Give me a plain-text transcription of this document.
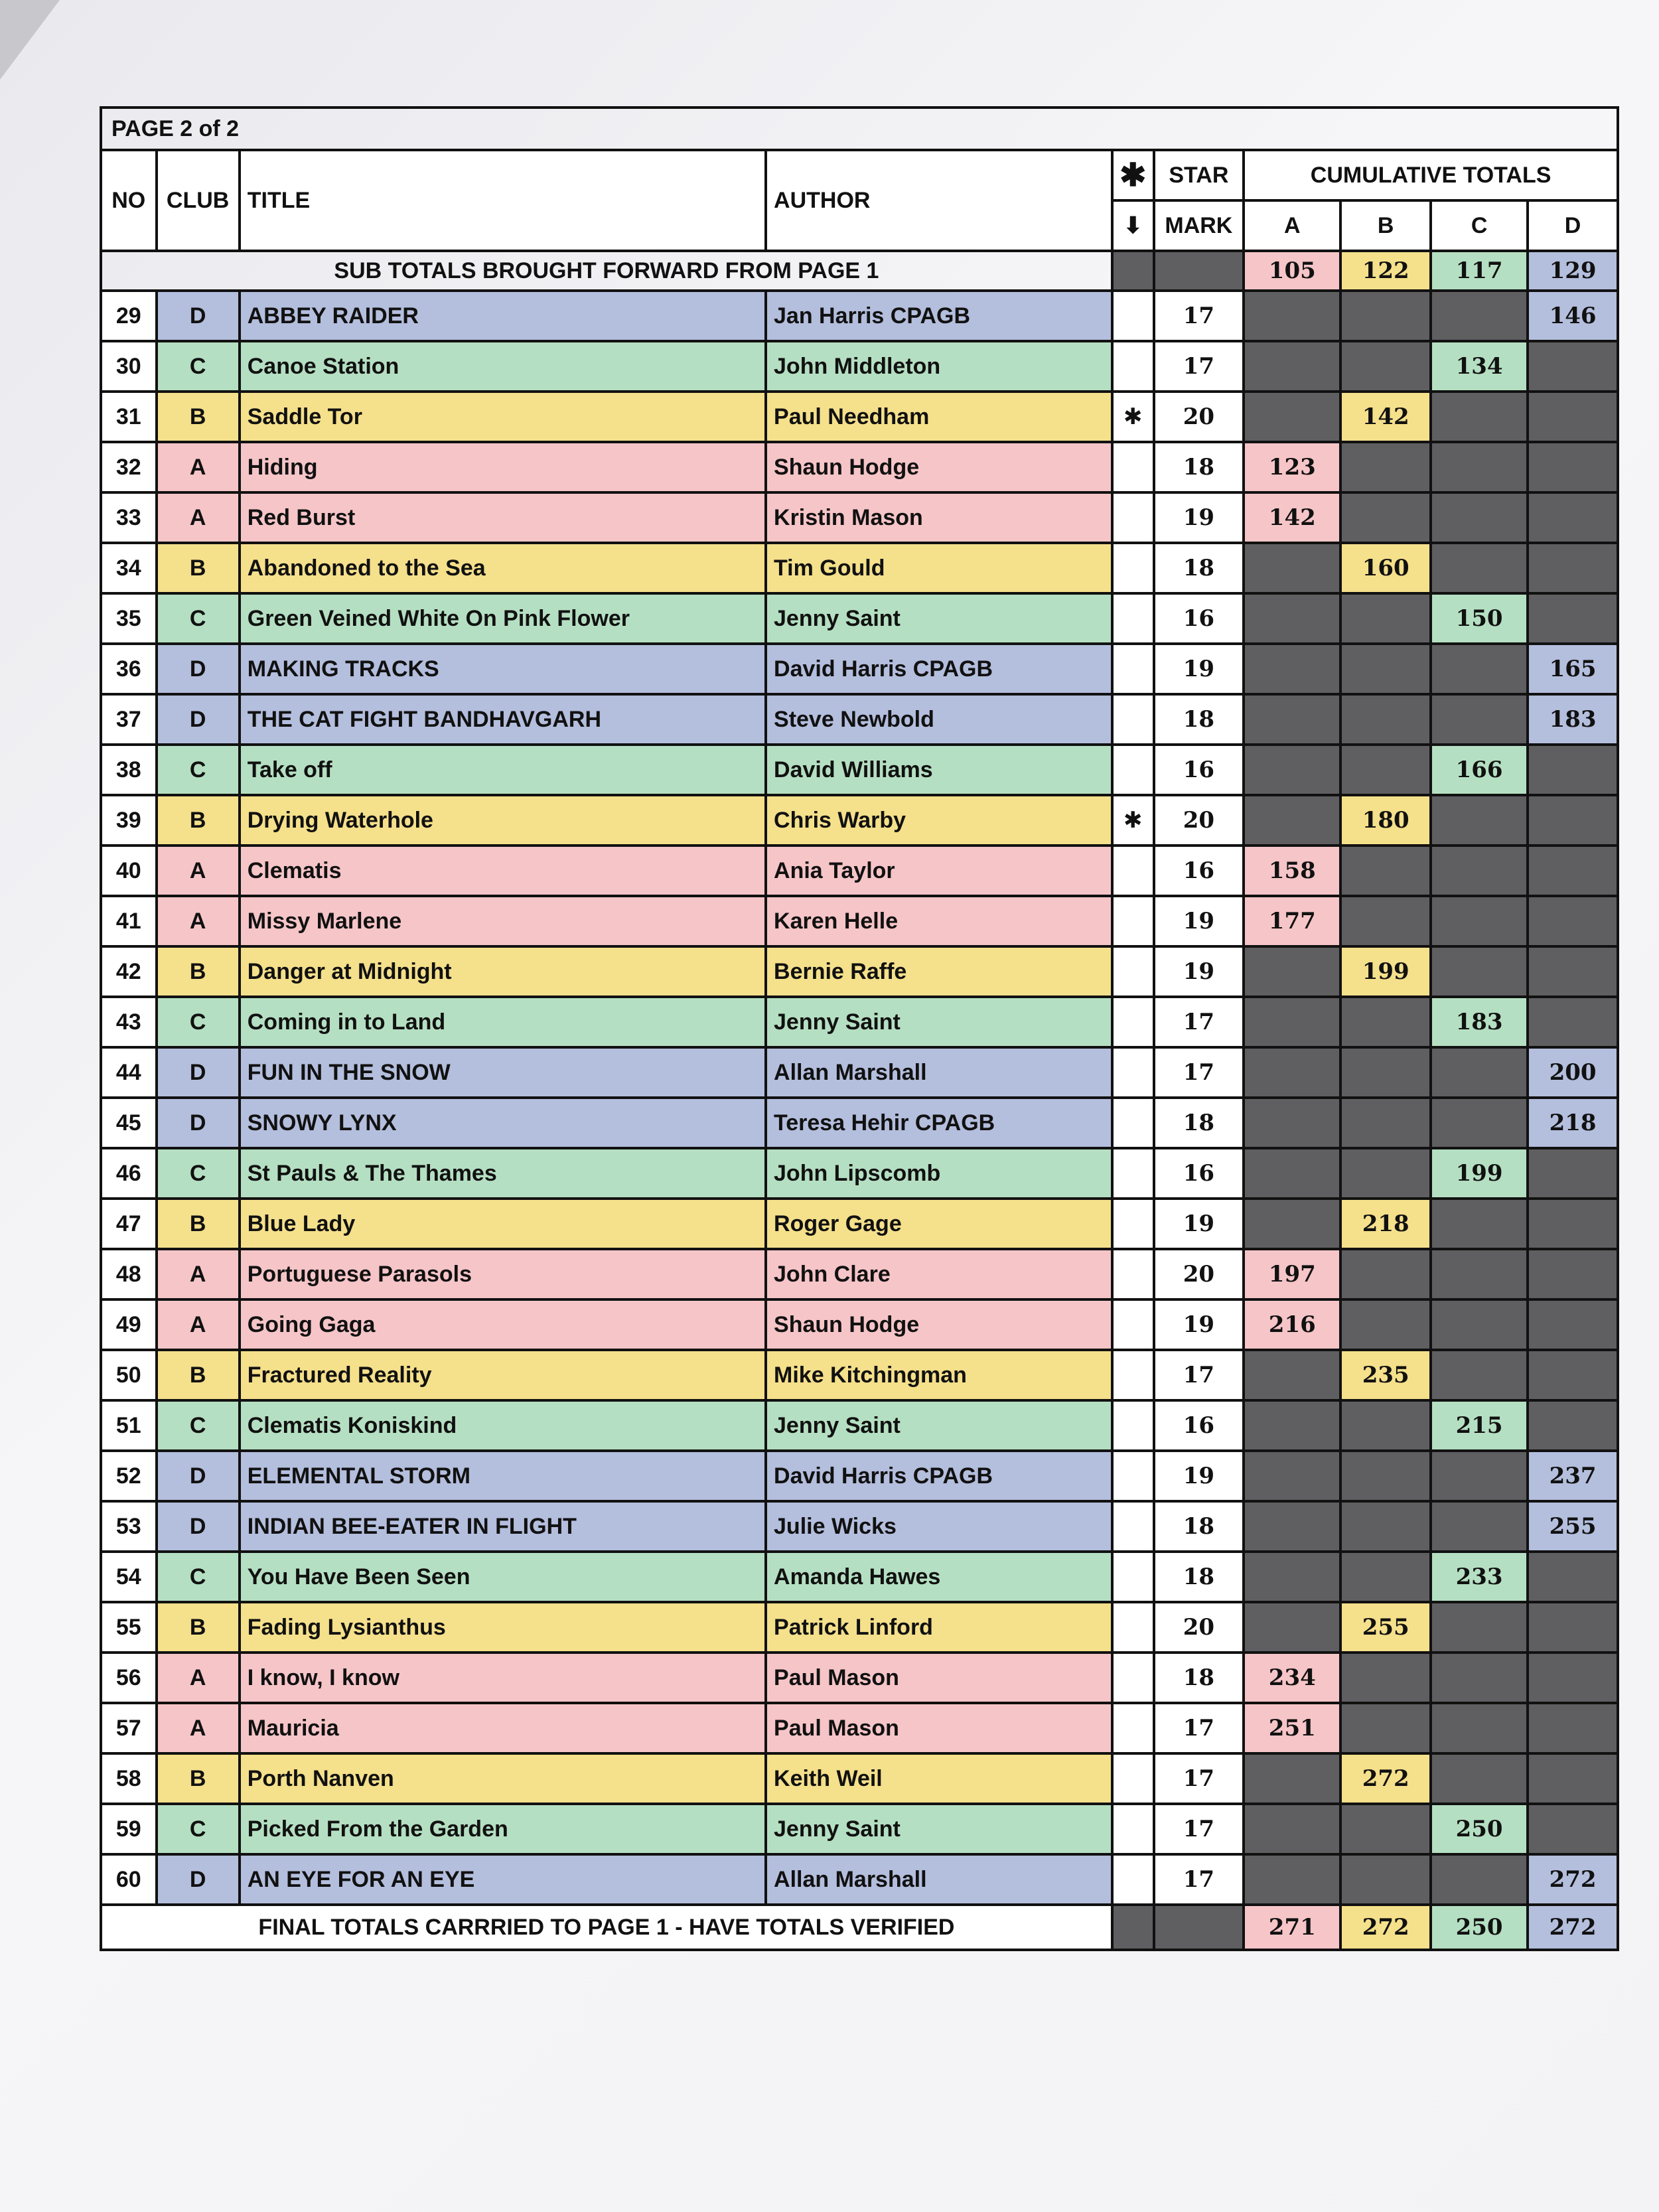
PAGE 2 of 2									
NO	CLUB	TITLE	AUTHOR	✱	STAR	CUMULATIVE TOTALS			
				⬇	MARK	A	B	C	D
SUB TOTALS BROUGHT FORWARD FROM PAGE 1						105	122	117	129
29	D	ABBEY RAIDER	Jan Harris CPAGB		17				146
30	C	Canoe Station	John Middleton		17			134	
31	B	Saddle Tor	Paul Needham	✱	20		142		
32	A	Hiding	Shaun Hodge		18	123			
33	A	Red Burst	Kristin Mason		19	142			
34	B	Abandoned to the Sea	Tim Gould		18		160		
35	C	Green Veined White On Pink Flower	Jenny Saint		16			150	
36	D	MAKING TRACKS	David Harris CPAGB		19				165
37	D	THE CAT FIGHT BANDHAVGARH	Steve Newbold		18				183
38	C	Take off	David Williams		16			166	
39	B	Drying Waterhole	Chris Warby	✱	20		180		
40	A	Clematis	Ania Taylor		16	158			
41	A	Missy Marlene	Karen Helle		19	177			
42	B	Danger at Midnight	Bernie Raffe		19		199		
43	C	Coming in to Land	Jenny Saint		17			183	
44	D	FUN IN THE SNOW	Allan Marshall		17				200
45	D	SNOWY LYNX	Teresa Hehir CPAGB		18				218
46	C	St Pauls & The Thames	John Lipscomb		16			199	
47	B	Blue Lady	Roger Gage		19		218		
48	A	Portuguese Parasols	John Clare		20	197			
49	A	Going Gaga	Shaun Hodge		19	216			
50	B	Fractured Reality	Mike Kitchingman		17		235		
51	C	Clematis Koniskind	Jenny Saint		16			215	
52	D	ELEMENTAL STORM	David Harris CPAGB		19				237
53	D	INDIAN BEE-EATER IN FLIGHT	Julie Wicks		18				255
54	C	You Have Been Seen	Amanda Hawes		18			233	
55	B	Fading Lysianthus	Patrick Linford		20		255		
56	A	I know, I know	Paul Mason		18	234			
57	A	Mauricia	Paul Mason		17	251			
58	B	Porth Nanven	Keith Weil		17		272		
59	C	Picked From the Garden	Jenny Saint		17			250	
60	D	AN EYE FOR AN EYE	Allan Marshall		17				272
FINAL TOTALS CARRRIED TO PAGE 1 - HAVE TOTALS VERIFIED						271	272	250	272
